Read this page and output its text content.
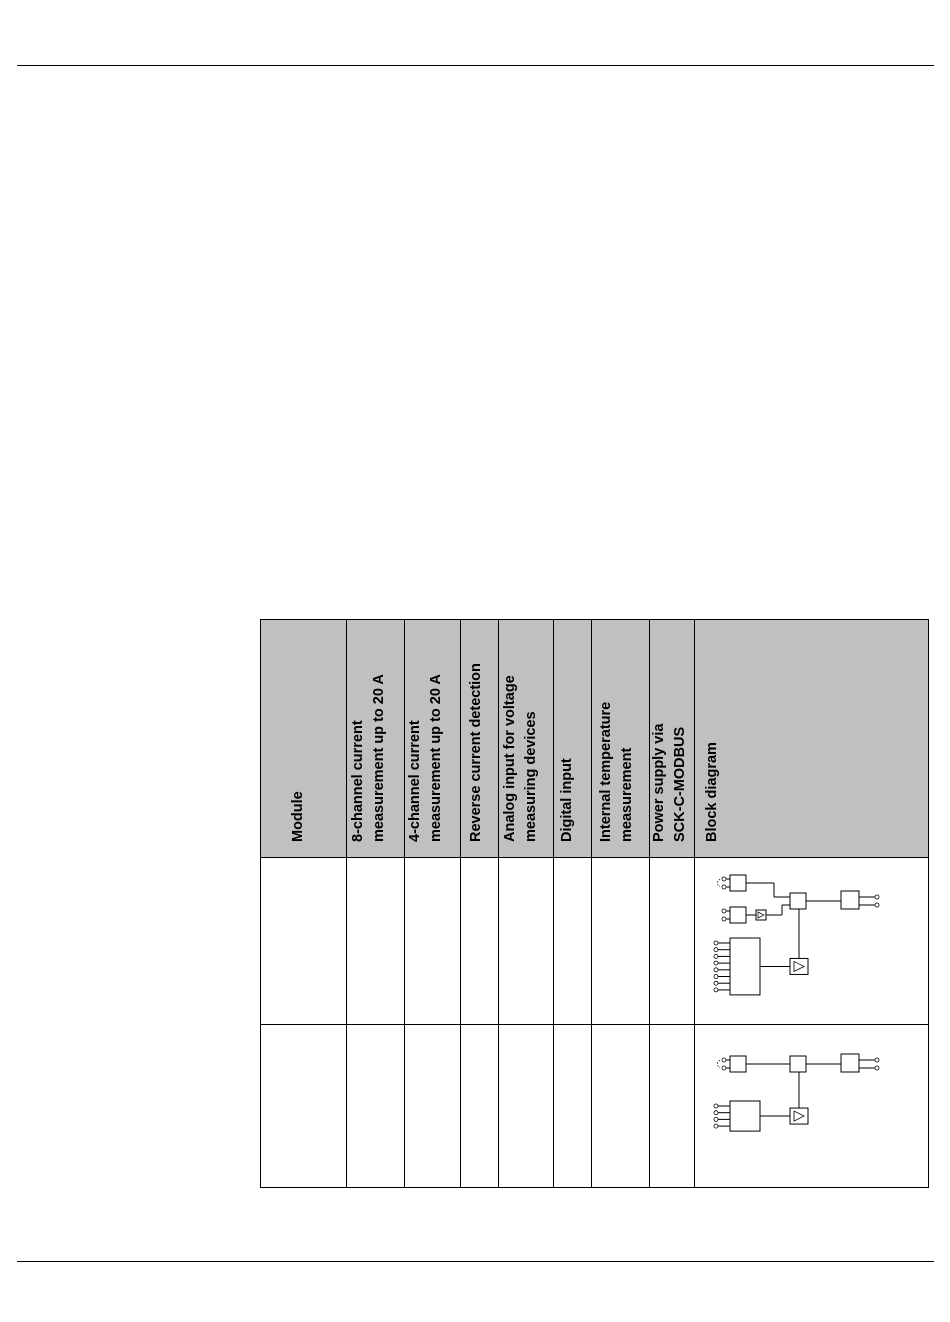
Module	8-channel current measurement up to 20 A 4-channel current measurement up to 20 A Reverse current detection Analog input for voltage measuring devices Digital input Internal temperature measurement Power supply via SCK-C-MODBUS Block diagram
